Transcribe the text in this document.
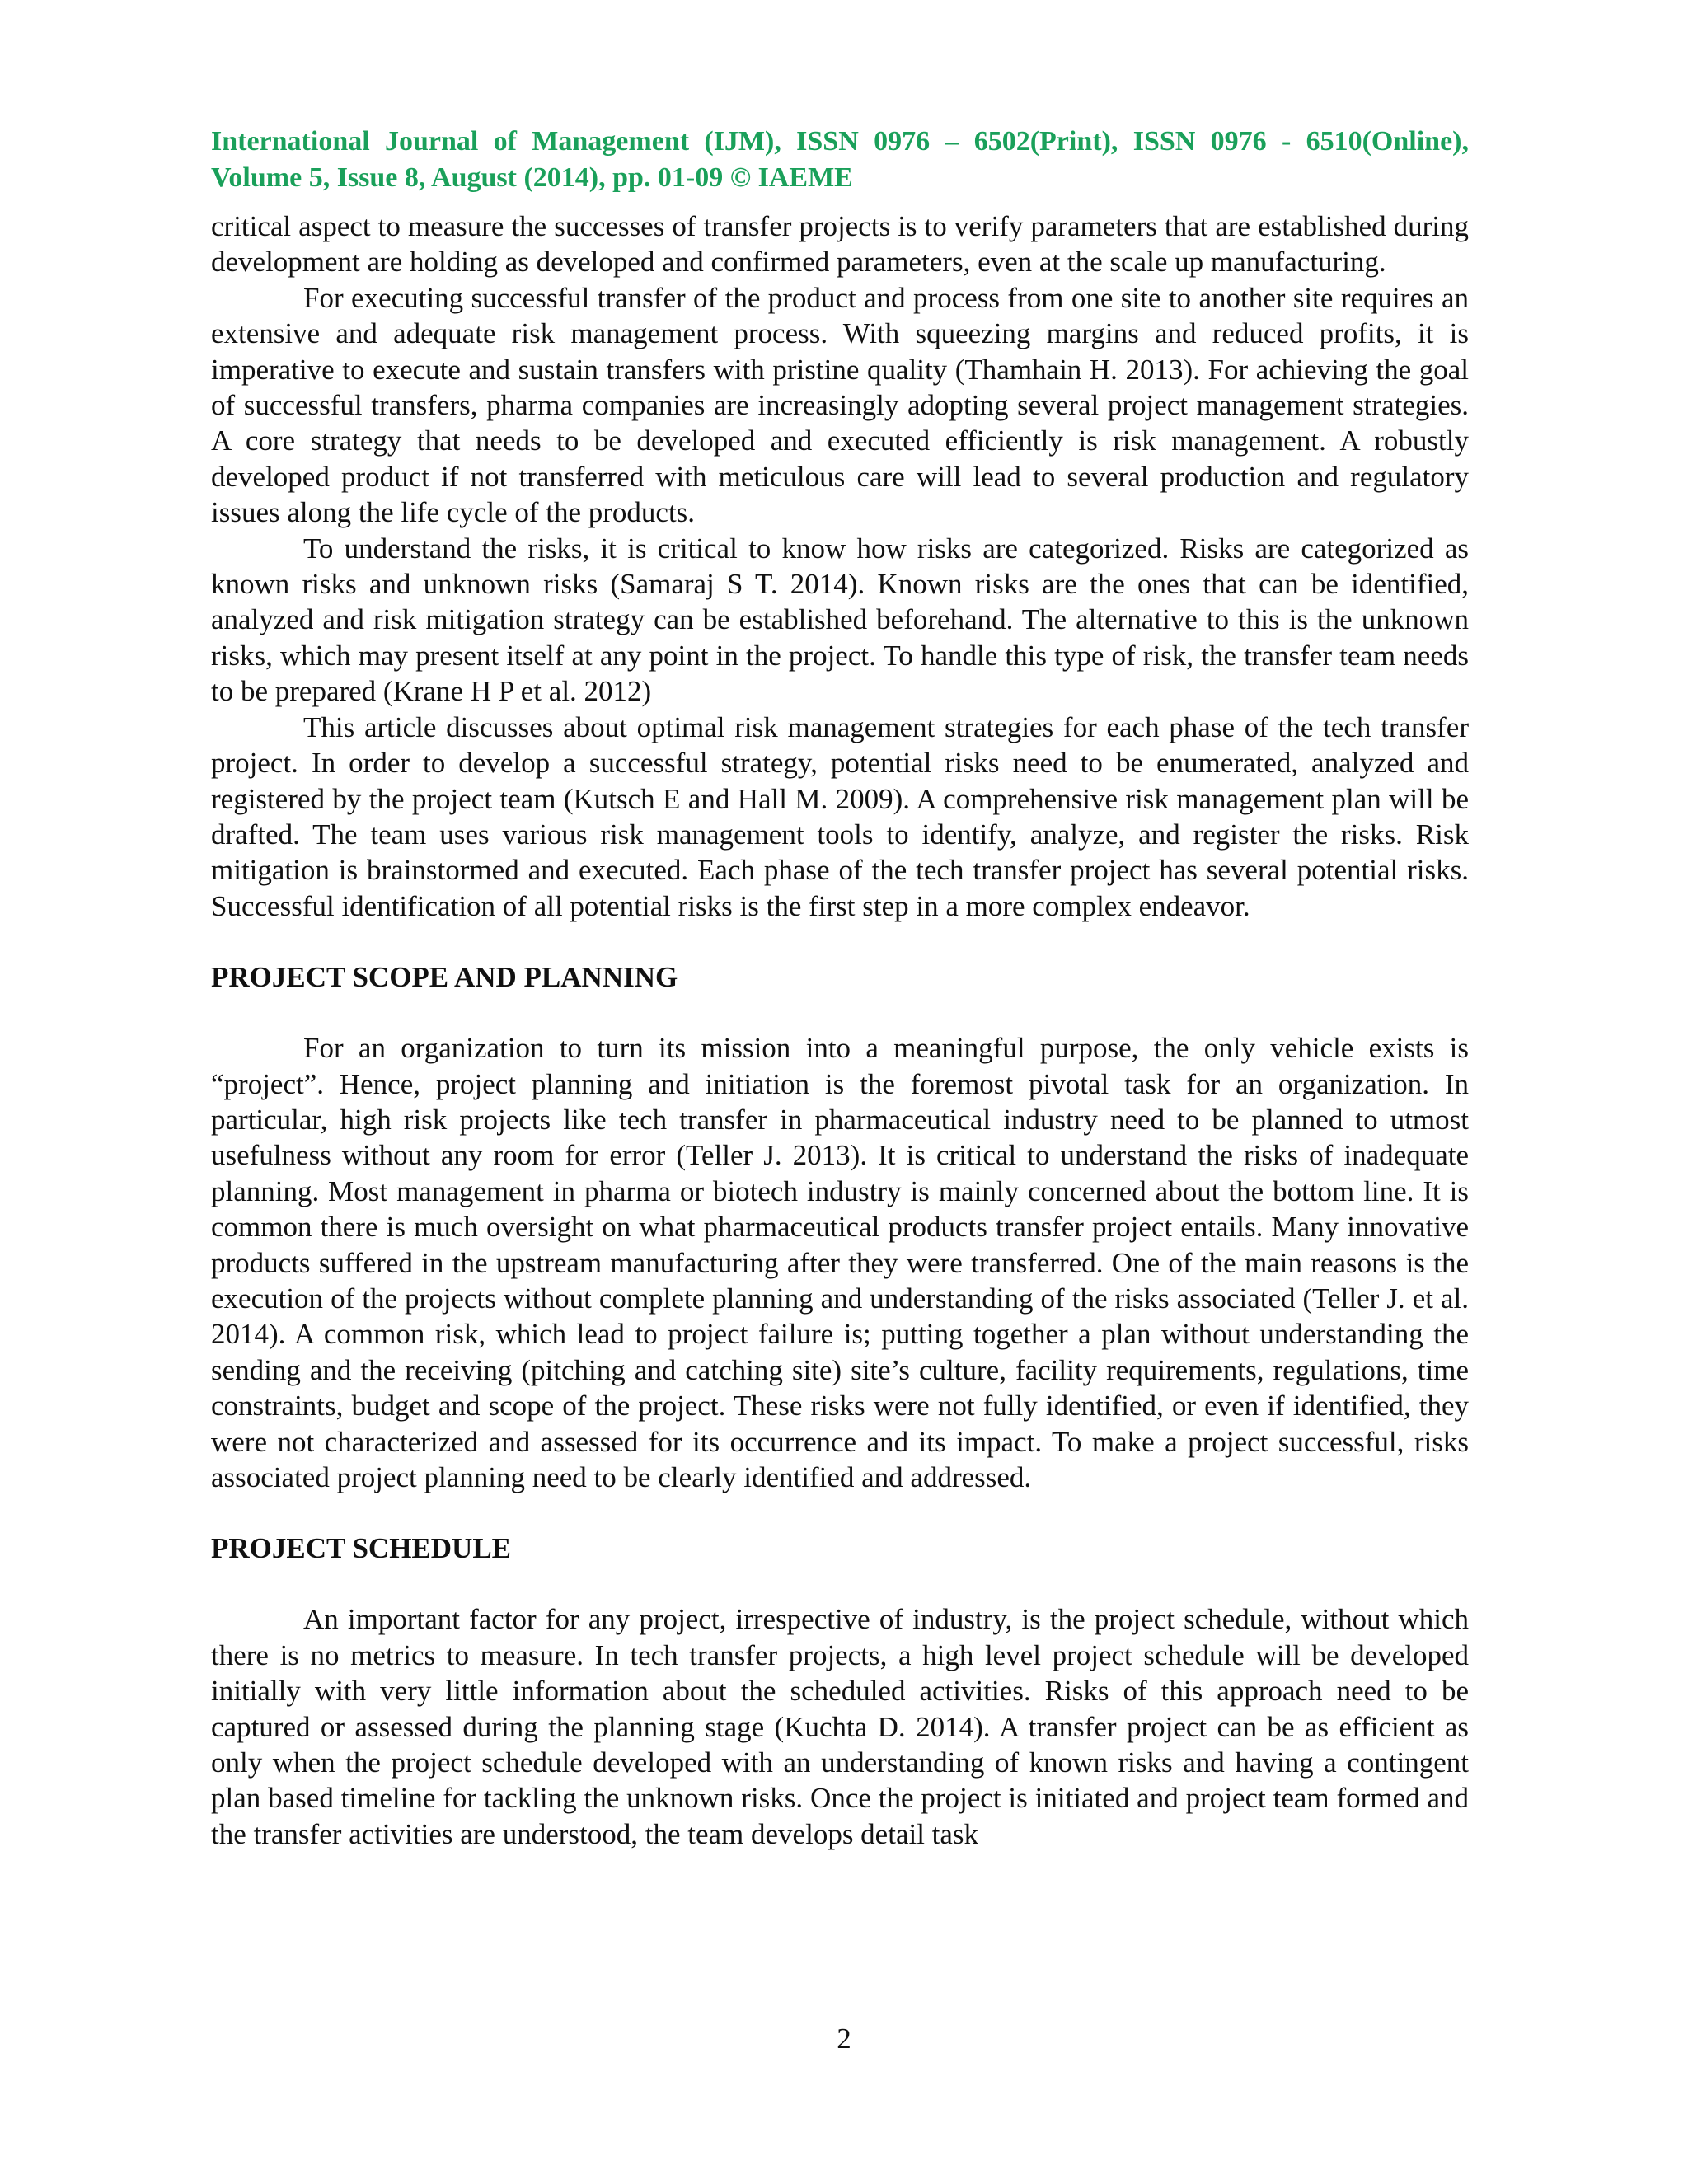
International Journal of Management (IJM), ISSN 0976 – 6502(Print), ISSN 0976 - 6510(Online),
Volume 5, Issue 8, August (2014), pp. 01-09 © IAEME

critical aspect to measure the successes of transfer projects is to verify parameters that are established during development are holding as developed and confirmed parameters, even at the scale up manufacturing.

For executing successful transfer of the product and process from one site to another site requires an extensive and adequate risk management process. With squeezing margins and reduced profits, it is imperative to execute and sustain transfers with pristine quality (Thamhain H. 2013). For achieving the goal of successful transfers, pharma companies are increasingly adopting several project management strategies. A core strategy that needs to be developed and executed efficiently is risk management. A robustly developed product if not transferred with meticulous care will lead to several production and regulatory issues along the life cycle of the products.

To understand the risks, it is critical to know how risks are categorized. Risks are categorized as known risks and unknown risks (Samaraj S T. 2014). Known risks are the ones that can be identified, analyzed and risk mitigation strategy can be established beforehand. The alternative to this is the unknown risks, which may present itself at any point in the project. To handle this type of risk, the transfer team needs to be prepared (Krane H P et al. 2012)

This article discusses about optimal risk management strategies for each phase of the tech transfer project. In order to develop a successful strategy, potential risks need to be enumerated, analyzed and registered by the project team (Kutsch E and Hall M. 2009). A comprehensive risk management plan will be drafted. The team uses various risk management tools to identify, analyze, and register the risks. Risk mitigation is brainstormed and executed. Each phase of the tech transfer project has several potential risks. Successful identification of all potential risks is the first step in a more complex endeavor.

PROJECT SCOPE AND PLANNING

For an organization to turn its mission into a meaningful purpose, the only vehicle exists is “project”. Hence, project planning and initiation is the foremost pivotal task for an organization. In particular, high risk projects like tech transfer in pharmaceutical industry need to be planned to utmost usefulness without any room for error (Teller J. 2013). It is critical to understand the risks of inadequate planning. Most management in pharma or biotech industry is mainly concerned about the bottom line. It is common there is much oversight on what pharmaceutical products transfer project entails. Many innovative products suffered in the upstream manufacturing after they were transferred. One of the main reasons is the execution of the projects without complete planning and understanding of the risks associated (Teller J. et al. 2014). A common risk, which lead to project failure is; putting together a plan without understanding the sending and the receiving (pitching and catching site) site’s culture, facility requirements, regulations, time constraints, budget and scope of the project. These risks were not fully identified, or even if identified, they were not characterized and assessed for its occurrence and its impact. To make a project successful, risks associated project planning need to be clearly identified and addressed.

PROJECT SCHEDULE

An important factor for any project, irrespective of industry, is the project schedule, without which there is no metrics to measure. In tech transfer projects, a high level project schedule will be developed initially with very little information about the scheduled activities. Risks of this approach need to be captured or assessed during the planning stage (Kuchta D. 2014). A transfer project can be as efficient as only when the project schedule developed with an understanding of known risks and having a contingent plan based timeline for tackling the unknown risks. Once the project is initiated and project team formed and the transfer activities are understood, the team develops detail task

2
